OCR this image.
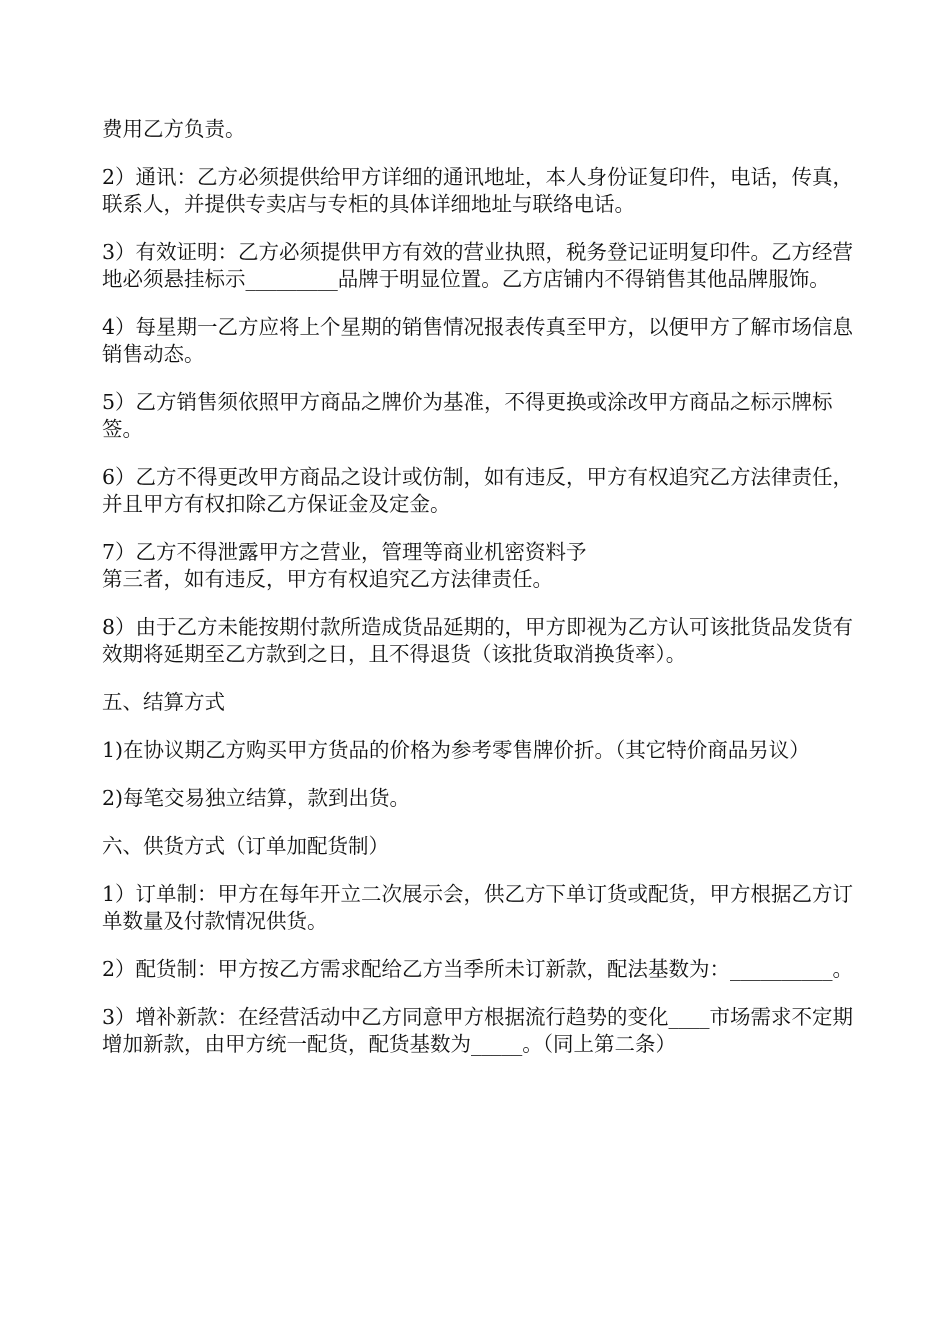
费用乙方负责。

2）通讯：乙方必须提供给甲方详细的通讯地址，本人身份证复印件，电话，传真，联系人，并提供专卖店与专柜的具体详细地址与联络电话。

3）有效证明：乙方必须提供甲方有效的营业执照，税务登记证明复印件。乙方经营地必须悬挂标示_________品牌于明显位置。乙方店铺内不得销售其他品牌服饰。

4）每星期一乙方应将上个星期的销售情况报表传真至甲方，以便甲方了解市场信息销售动态。

5）乙方销售须依照甲方商品之牌价为基准，不得更换或涂改甲方商品之标示牌标签。

6）乙方不得更改甲方商品之设计或仿制，如有违反，甲方有权追究乙方法律责任，并且甲方有权扣除乙方保证金及定金。

7）乙方不得泄露甲方之营业，管理等商业机密资料予
第三者，如有违反，甲方有权追究乙方法律责任。

8）由于乙方未能按期付款所造成货品延期的，甲方即视为乙方认可该批货品发货有效期将延期至乙方款到之日，且不得退货（该批货取消换货率）。

五、结算方式

1)在协议期乙方购买甲方货品的价格为参考零售牌价折。（其它特价商品另议）

2)每笔交易独立结算，款到出货。

六、供货方式（订单加配货制）

1）订单制：甲方在每年开立二次展示会，供乙方下单订货或配货，甲方根据乙方订单数量及付款情况供货。

2）配货制：甲方按乙方需求配给乙方当季所未订新款，配法基数为：__________。

3）增补新款：在经营活动中乙方同意甲方根据流行趋势的变化____市场需求不定期增加新款，由甲方统一配货，配货基数为_____。（同上第二条）
